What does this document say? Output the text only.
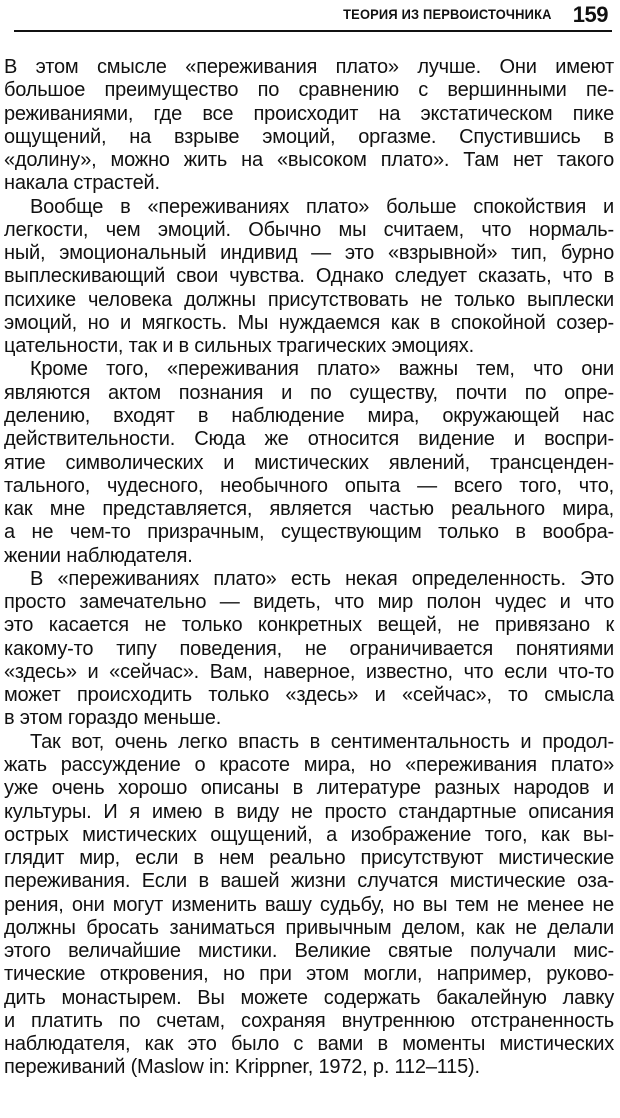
ТЕОРИЯ ИЗ ПЕРВОИСТОЧНИКА 159
В этом смысле «переживания плато» лучше. Они имеют
большое преимущество по сравнению с вершинными пе-
реживаниями, где все происходит на экстатическом пике
ощущений, на взрыве эмоций, оргазме. Спустившись в
«долину», можно жить на «высоком плато». Там нет такого
накала страстей.
Вообще в «переживаниях плато» больше спокойствия и
легкости, чем эмоций. Обычно мы считаем, что нормаль-
ный, эмоциональный индивид — это «взрывной» тип, бурно
выплескивающий свои чувства. Однако следует сказать, что в
психике человека должны присутствовать не только выплески
эмоций, но и мягкость. Мы нуждаемся как в спокойной созер-
цательности, так и в сильных трагических эмоциях.
Кроме того, «переживания плато» важны тем, что они
являются актом познания и по существу, почти по опре-
делению, входят в наблюдение мира, окружающей нас
действительности. Сюда же относится видение и воспри-
ятие символических и мистических явлений, трансценден-
тального, чудесного, необычного опыта — всего того, что,
как мне представляется, является частью реального мира,
а не чем-то призрачным, существующим только в вообра-
жении наблюдателя.
В «переживаниях плато» есть некая определенность. Это
просто замечательно — видеть, что мир полон чудес и что
это касается не только конкретных вещей, не привязано к
какому-то типу поведения, не ограничивается понятиями
«здесь» и «сейчас». Вам, наверное, известно, что если что-то
может происходить только «здесь» и «сейчас», то смысла
в этом гораздо меньше.
Так вот, очень легко впасть в сентиментальность и продол-
жать рассуждение о красоте мира, но «переживания плато»
уже очень хорошо описаны в литературе разных народов и
культуры. И я имею в виду не просто стандартные описания
острых мистических ощущений, а изображение того, как вы-
глядит мир, если в нем реально присутствуют мистические
переживания. Если в вашей жизни случатся мистические оза-
рения, они могут изменить вашу судьбу, но вы тем не менее не
должны бросать заниматься привычным делом, как не делали
этого величайшие мистики. Великие святые получали мис-
тические откровения, но при этом могли, например, руково-
дить монастырем. Вы можете содержать бакалейную лавку
и платить по счетам, сохраняя внутреннюю отстраненность
наблюдателя, как это было с вами в моменты мистических
переживаний (Maslow in: Krippner, 1972, p. 112–115).
